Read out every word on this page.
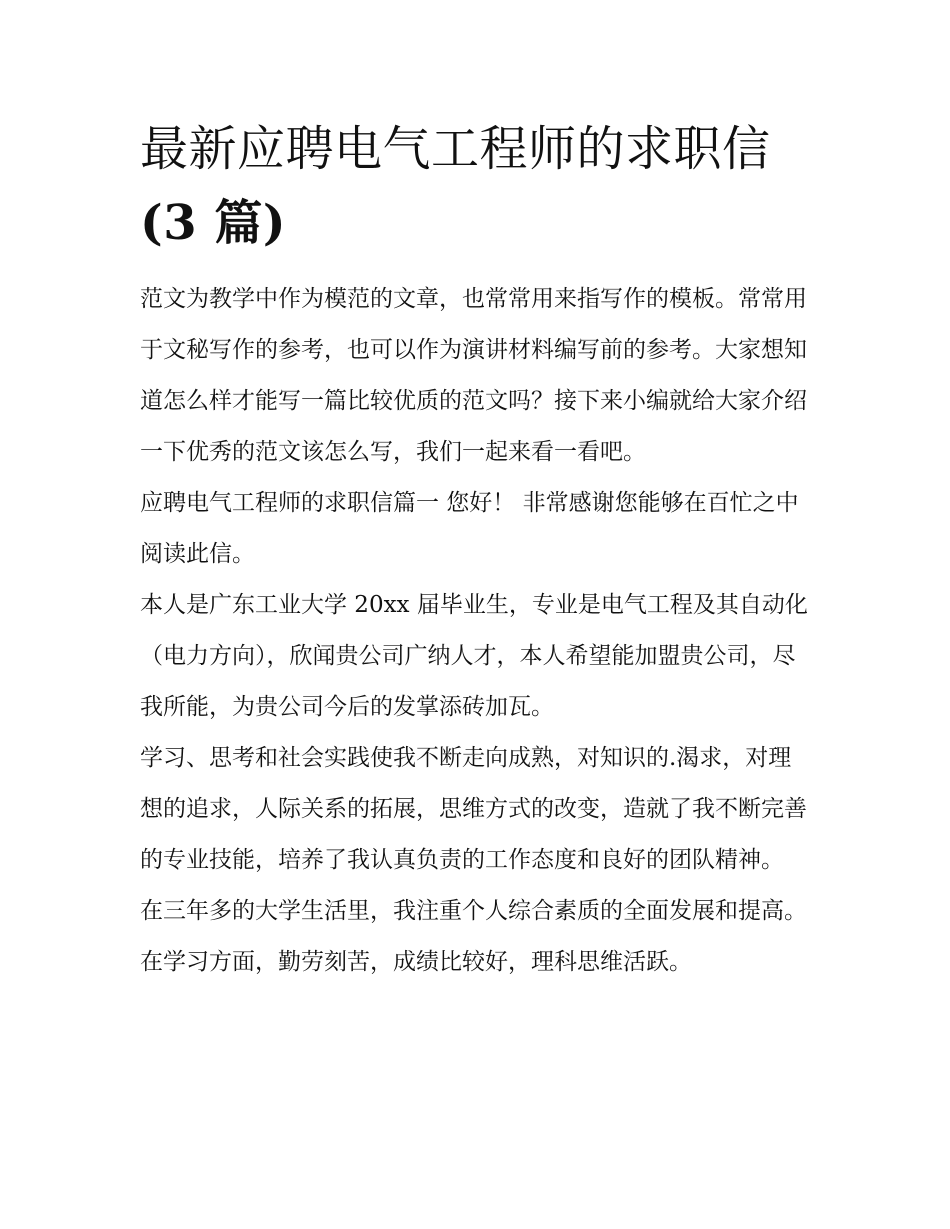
最新应聘电气工程师的求职信
(3 篇)

范文为教学中作为模范的文章，也常常用来指写作的模板。常常用于文秘写作的参考，也可以作为演讲材料编写前的参考。大家想知道怎么样才能写一篇比较优质的范文吗？接下来小编就给大家介绍一下优秀的范文该怎么写，我们一起来看一看吧。

应聘电气工程师的求职信篇一 您好！ 非常感谢您能够在百忙之中阅读此信。

本人是广东工业大学 20xx 届毕业生，专业是电气工程及其自动化（电力方向），欣闻贵公司广纳人才，本人希望能加盟贵公司，尽我所能，为贵公司今后的发掌添砖加瓦。

学习、思考和社会实践使我不断走向成熟，对知识的.渴求，对理想的追求，人际关系的拓展，思维方式的改变，造就了我不断完善的专业技能，培养了我认真负责的工作态度和良好的团队精神。

在三年多的大学生活里，我注重个人综合素质的全面发展和提高。在学习方面，勤劳刻苦，成绩比较好，理科思维活跃。
